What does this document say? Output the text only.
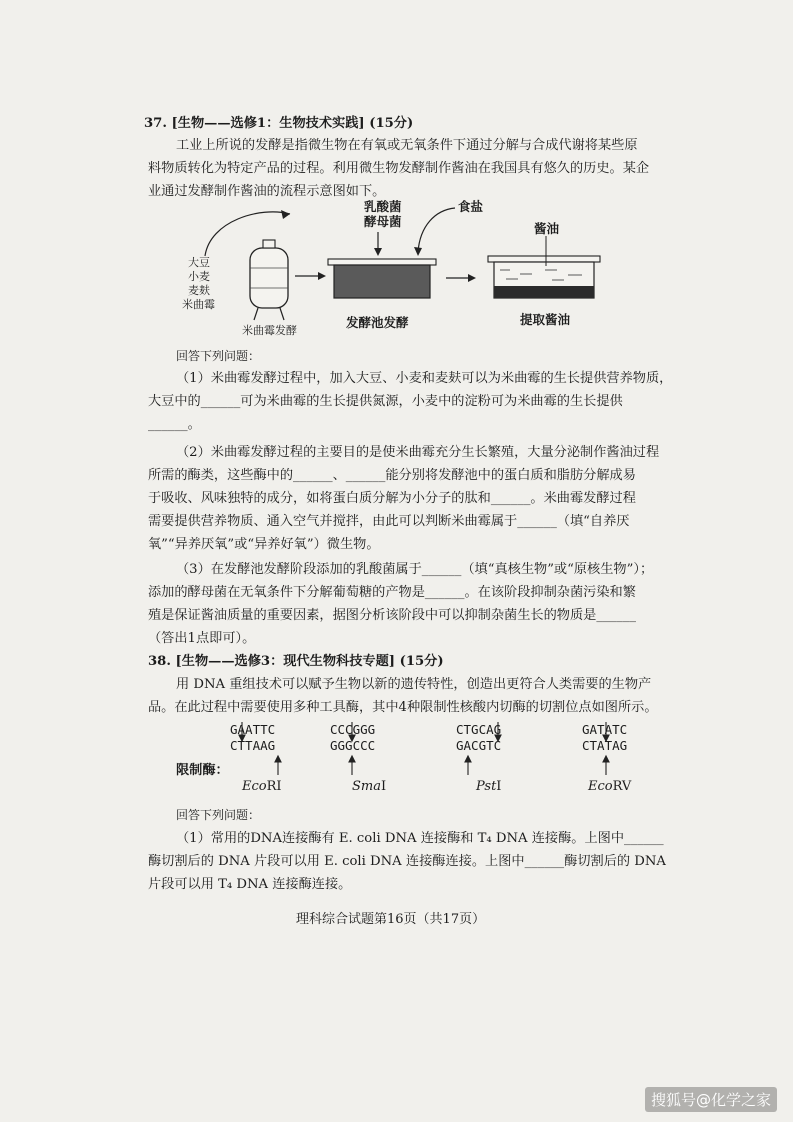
37. [生物——选修1：生物技术实践] (15分)
工业上所说的发酵是指微生物在有氧或无氧条件下通过分解与合成代谢将某些原
料物质转化为特定产品的过程。利用微生物发酵制作酱油在我国具有悠久的历史。某企
业通过发酵制作酱油的流程示意图如下。
大豆
小麦
麦麸
米曲霉
米曲霉发酵
乳酸菌
酵母菌
食盐
发酵池发酵
酱油
提取酱油
回答下列问题：
（1）米曲霉发酵过程中，加入大豆、小麦和麦麸可以为米曲霉的生长提供营养物质，
大豆中的______可为米曲霉的生长提供氮源，小麦中的淀粉可为米曲霉的生长提供
______。
（2）米曲霉发酵过程的主要目的是使米曲霉充分生长繁殖，大量分泌制作酱油过程
所需的酶类，这些酶中的______、______能分别将发酵池中的蛋白质和脂肪分解成易
于吸收、风味独特的成分，如将蛋白质分解为小分子的肽和______。米曲霉发酵过程
需要提供营养物质、通入空气并搅拌，由此可以判断米曲霉属于______（填“自养厌
氧”“异养厌氧”或“异养好氧”）微生物。
（3）在发酵池发酵阶段添加的乳酸菌属于______（填“真核生物”或“原核生物”）；
添加的酵母菌在无氧条件下分解葡萄糖的产物是______。在该阶段抑制杂菌污染和繁
殖是保证酱油质量的重要因素，据图分析该阶段中可以抑制杂菌生长的物质是______
（答出1点即可）。
38. [生物——选修3：现代生物科技专题] (15分)
用 DNA 重组技术可以赋予生物以新的遗传特性，创造出更符合人类需要的生物产
品。在此过程中需要使用多种工具酶，其中4种限制性核酸内切酶的切割位点如图所示。
GAATTC
CTTAAG
CCCGGG
GGGCCC
CTGCAG
GACGTC
GATATC
CTATAG
限制酶：
EcoRⅠ	SmaⅠ	PstⅠ	EcoRV
回答下列问题：
（1）常用的DNA连接酶有 E. coli DNA 连接酶和 T₄ DNA 连接酶。上图中______
酶切割后的 DNA 片段可以用 E. coli DNA 连接酶连接。上图中______酶切割后的 DNA
片段可以用 T₄ DNA 连接酶连接。
理科综合试题第16页（共17页）
搜狐号@化学之家
